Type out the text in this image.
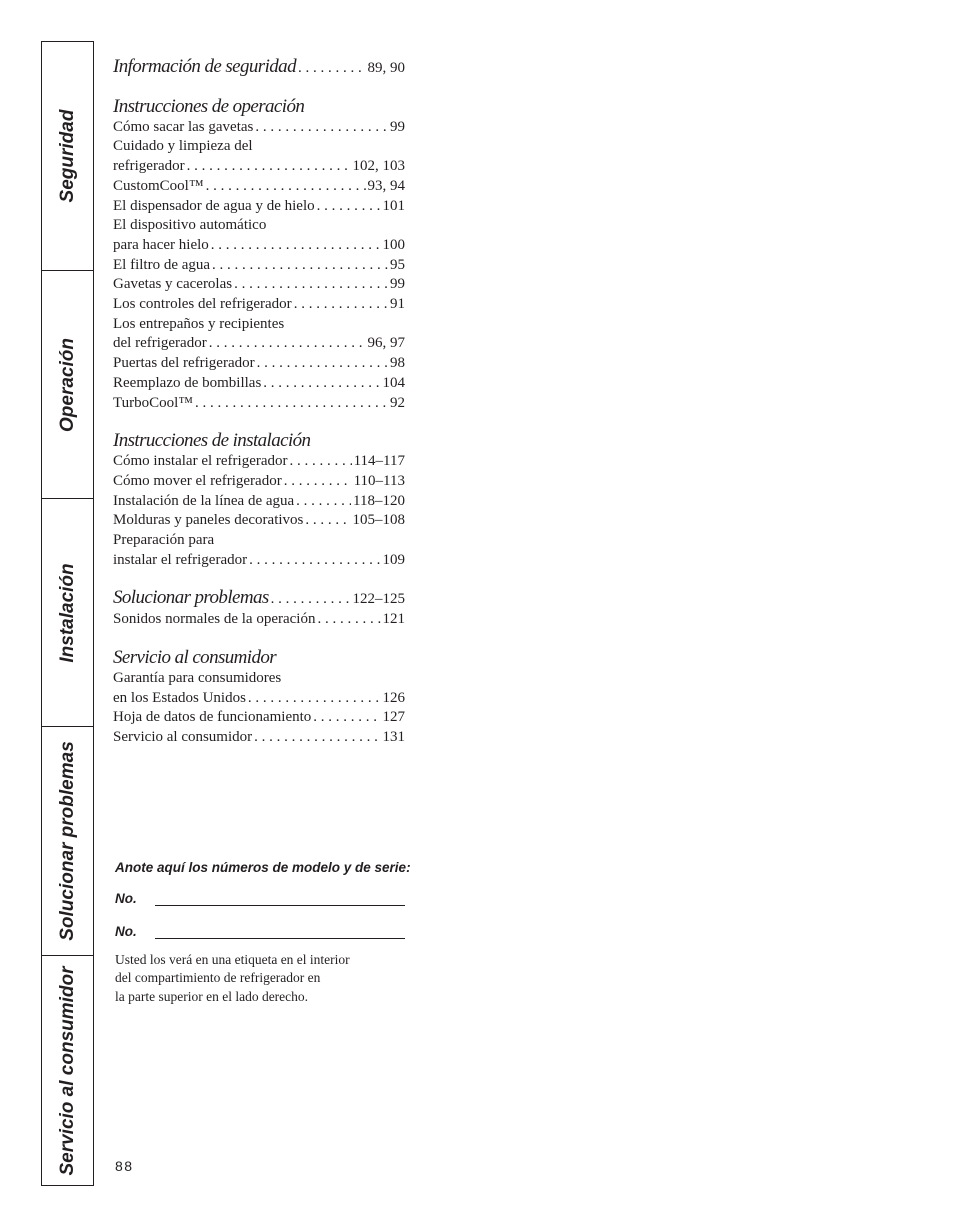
Seguridad
Operación
Instalación
Solucionar problemas
Servicio al consumidor
Información de seguridad . . .	89, 90
Instrucciones de operación
Cómo sacar las gavetas . . .	99
Cuidado y limpieza del
refrigerador . . .	102, 103
CustomCool™ . . .	93, 94
El dispensador de agua y de hielo . . .	101
El dispositivo automático
para hacer hielo . . .	100
El filtro de agua . . .	95
Gavetas y cacerolas . . .	99
Los controles del refrigerador . . .	91
Los entrepaños y recipientes
del refrigerador . . .	96, 97
Puertas del refrigerador . . .	98
Reemplazo de bombillas . . .	104
TurboCool™ . . .	92
Instrucciones de instalación
Cómo instalar el refrigerador . . .	114–117
Cómo mover el refrigerador . . .	110–113
Instalación de la línea de agua . . .	118–120
Molduras y paneles decorativos . . .	105–108
Preparación para
instalar el refrigerador . . .	109
Solucionar problemas . . .	122–125
Sonidos normales de la operación . . .	121
Servicio al consumidor
Garantía para consumidores
en los Estados Unidos . . .	126
Hoja de datos de funcionamiento . . .	127
Servicio al consumidor . . .	131
Anote aquí los números de modelo y de serie:
No.
No.
Usted los verá en una etiqueta en el interior
del compartimiento de refrigerador en
la parte superior en el lado derecho.
88
